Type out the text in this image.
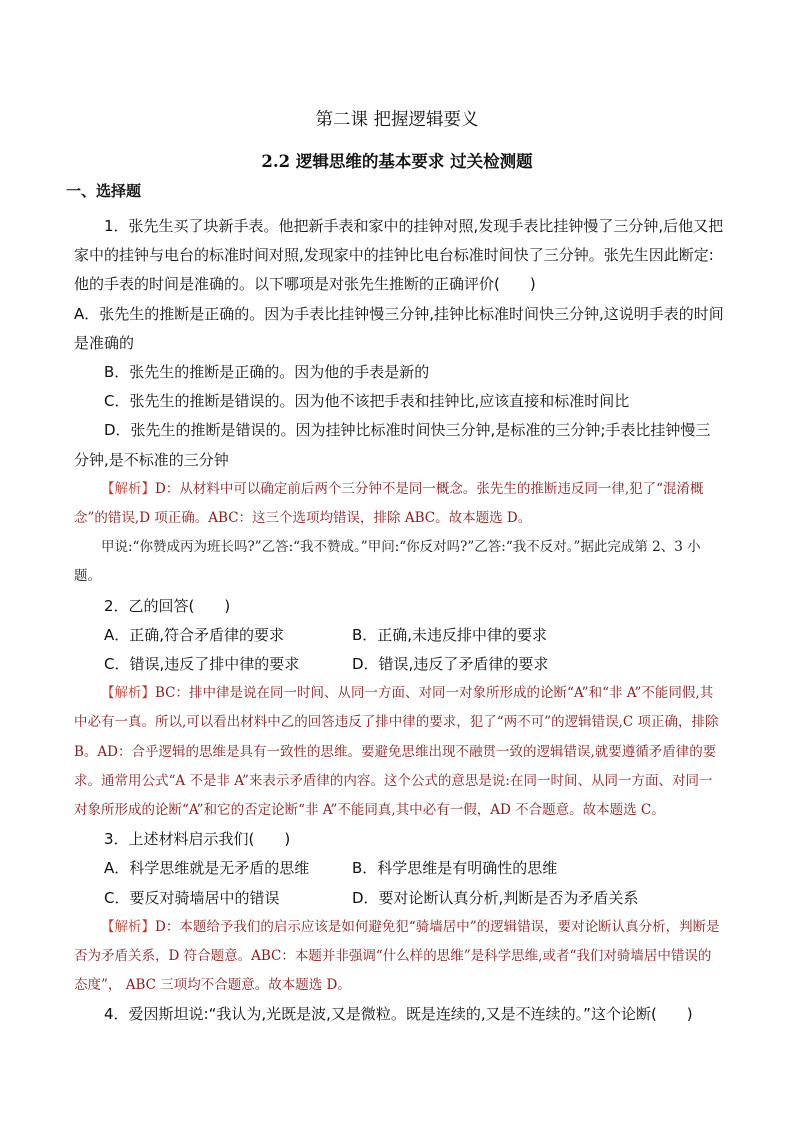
第二课 把握逻辑要义
2.2 逻辑思维的基本要求 过关检测题
一、选择题

1．张先生买了块新手表。他把新手表和家中的挂钟对照,发现手表比挂钟慢了三分钟,后他又把家中的挂钟与电台的标准时间对照,发现家中的挂钟比电台标准时间快了三分钟。张先生因此断定:他的手表的时间是准确的。以下哪项是对张先生推断的正确评价(　　)

A．张先生的推断是正确的。因为手表比挂钟慢三分钟,挂钟比标准时间快三分钟,这说明手表的时间是准确的

B．张先生的推断是正确的。因为他的手表是新的

C．张先生的推断是错误的。因为他不该把手表和挂钟比,应该直接和标准时间比

D．张先生的推断是错误的。因为挂钟比标准时间快三分钟,是标准的三分钟;手表比挂钟慢三分钟,是不标准的三分钟

【解析】D：从材料中可以确定前后两个三分钟不是同一概念。张先生的推断违反同一律,犯了“混淆概念”的错误,D 项正确。ABC：这三个选项均错误，排除 ABC。故本题选 D。

甲说:“你赞成丙为班长吗?”乙答:“我不赞成。”甲问:“你反对吗?”乙答:“我不反对。”据此完成第 2、3 小题。

2．乙的回答(　　)

A．正确,符合矛盾律的要求	B．正确,未违反排中律的要求
C．错误,违反了排中律的要求	D．错误,违反了矛盾律的要求

【解析】BC：排中律是说在同一时间、从同一方面、对同一对象所形成的论断“A”和“非 A”不能同假,其中必有一真。所以,可以看出材料中乙的回答违反了排中律的要求，犯了“两不可”的逻辑错误,C 项正确，排除 B。AD：合乎逻辑的思维是具有一致性的思维。要避免思维出现不融贯一致的逻辑错误,就要遵循矛盾律的要求。通常用公式“A 不是非 A”来表示矛盾律的内容。这个公式的意思是说:在同一时间、从同一方面、对同一对象所形成的论断“A”和它的否定论断“非 A”不能同真,其中必有一假，AD 不合题意。故本题选 C。

3．上述材料启示我们(　　)

A．科学思维就是无矛盾的思维	B．科学思维是有明确性的思维
C．要反对骑墙居中的错误	D．要对论断认真分析,判断是否为矛盾关系

【解析】D：本题给予我们的启示应该是如何避免犯“骑墙居中”的逻辑错误，要对论断认真分析，判断是否为矛盾关系，D 符合题意。ABC：本题并非强调“什么样的思维”是科学思维,或者“我们对骑墙居中错误的态度”， ABC 三项均不合题意。故本题选 D。

4．爱因斯坦说:“我认为,光既是波,又是微粒。既是连续的,又是不连续的。”这个论断(　　)
